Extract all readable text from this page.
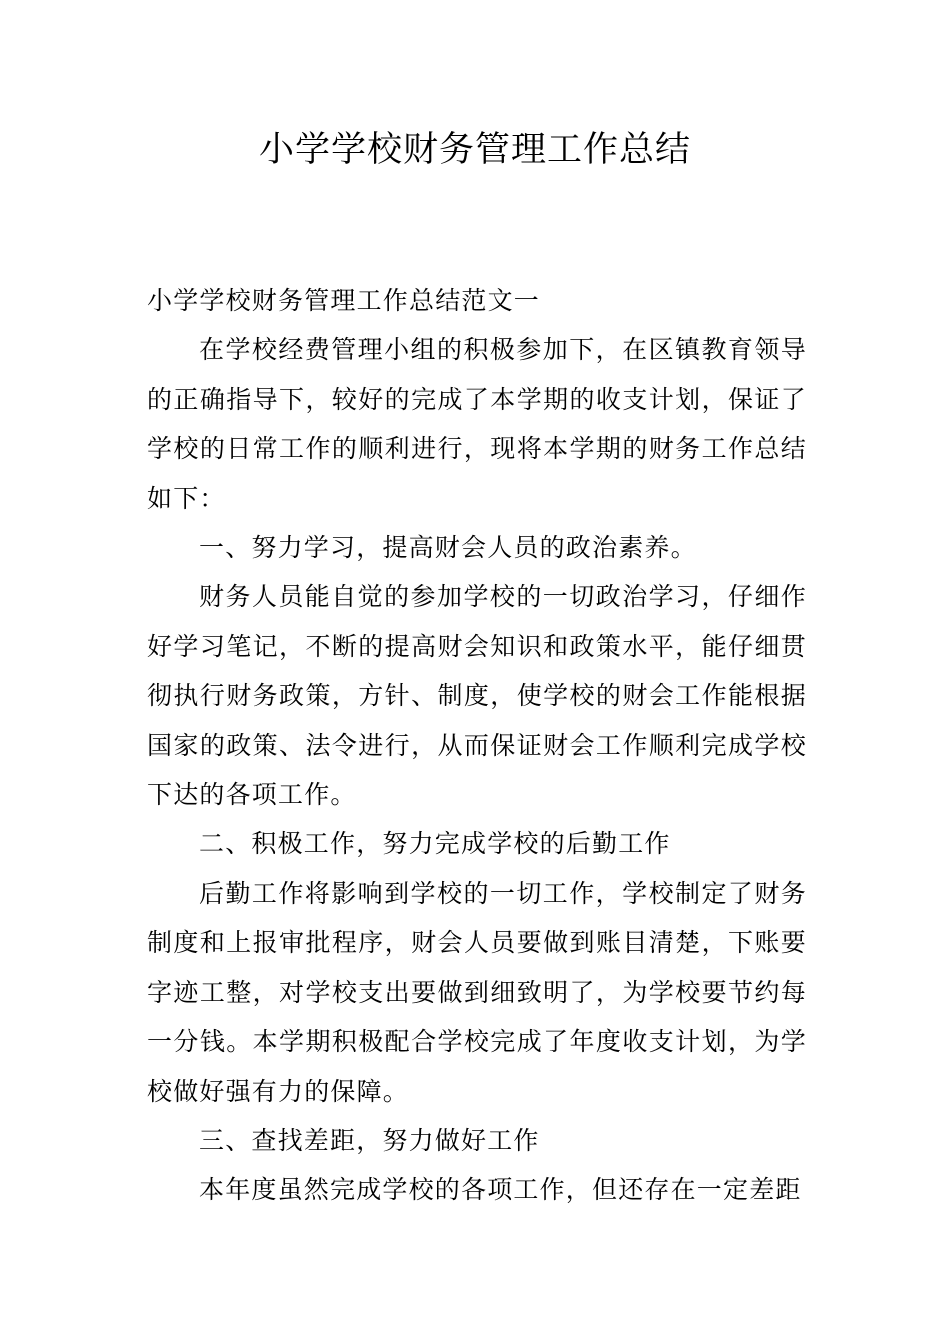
小学学校财务管理工作总结

小学学校财务管理工作总结范文一

在学校经费管理小组的积极参加下，在区镇教育领导的正确指导下，较好的完成了本学期的收支计划，保证了学校的日常工作的顺利进行，现将本学期的财务工作总结如下：

一、努力学习，提高财会人员的政治素养。

财务人员能自觉的参加学校的一切政治学习，仔细作好学习笔记，不断的提高财会知识和政策水平，能仔细贯彻执行财务政策，方针、制度，使学校的财会工作能根据国家的政策、法令进行，从而保证财会工作顺利完成学校下达的各项工作。

二、积极工作，努力完成学校的后勤工作

后勤工作将影响到学校的一切工作，学校制定了财务制度和上报审批程序，财会人员要做到账目清楚，下账要字迹工整，对学校支出要做到细致明了，为学校要节约每一分钱。本学期积极配合学校完成了年度收支计划，为学校做好强有力的保障。

三、查找差距，努力做好工作

本年度虽然完成学校的各项工作，但还存在一定差距
